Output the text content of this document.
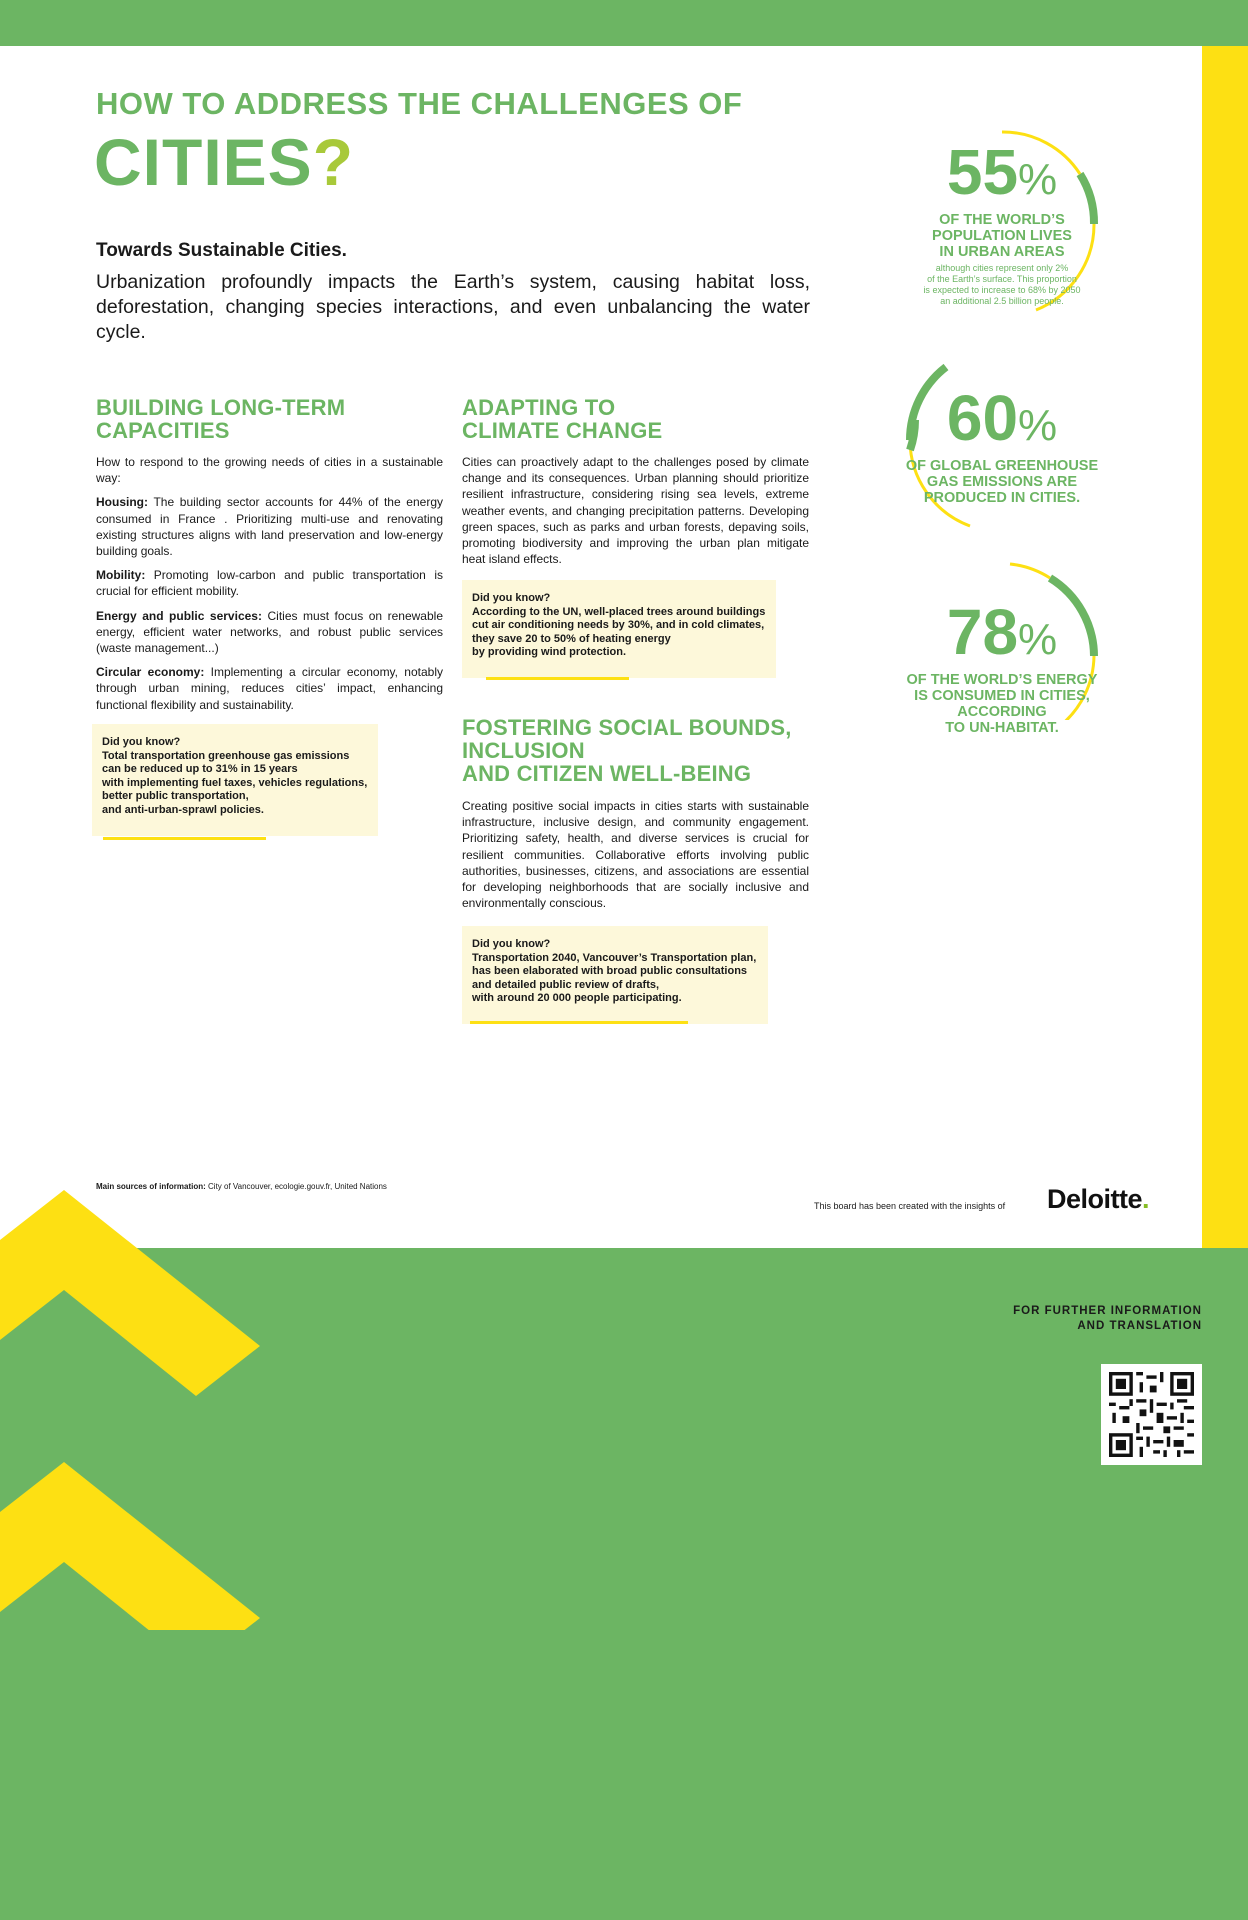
HOW TO ADDRESS THE CHALLENGES OF
CITIES?
Towards Sustainable Cities.
Urbanization profoundly impacts the Earth’s system, causing habitat loss, deforestation, changing species interactions, and even unbalancing the water cycle.
BUILDING LONG-TERM
CAPACITIES

How to respond to the growing needs of cities in a sustainable way:

Housing: The building sector accounts for 44% of the energy consumed in France . Prioritizing multi-use and renovating existing structures aligns with land preservation and low-energy building goals.

Mobility: Promoting low-carbon and public transportation is crucial for efficient mobility.

Energy and public services: Cities must focus on renewable energy, efficient water networks, and robust public services (waste management...)

Circular economy: Implementing a circular economy, notably through urban mining, reduces cities’ impact, enhancing functional flexibility and sustainability.

Did you know?
Total transportation greenhouse gas emissions
can be reduced up to 31% in 15 years
with implementing fuel taxes, vehicles regulations,
better public transportation,
and anti-urban-sprawl policies.
ADAPTING TO
CLIMATE CHANGE
Cities can proactively adapt to the challenges posed by climate change and its consequences. Urban planning should prioritize resilient infrastructure, considering rising sea levels, extreme weather events, and changing precipitation patterns. Developing green spaces, such as parks and urban forests, depaving soils, promoting biodiversity and improving the urban plan mitigate heat island effects.
Did you know?
According to the UN, well-placed trees around buildings
cut air conditioning needs by 30%, and in cold climates,
they save 20 to 50% of heating energy
by providing wind protection.
FOSTERING SOCIAL BOUNDS,
INCLUSION
AND CITIZEN WELL-BEING
Creating positive social impacts in cities starts with sustainable infrastructure, inclusive design, and community engagement. Prioritizing safety, health, and diverse services is crucial for resilient communities. Collaborative efforts involving public authorities, businesses, citizens, and associations are essential for developing neighborhoods that are socially inclusive and environmentally conscious.
Did you know?
Transportation 2040, Vancouver’s Transportation plan,
has been elaborated with broad public consultations
and detailed public review of drafts,
with around 20 000 people participating.
55%
OF THE WORLD’S
POPULATION LIVES
IN URBAN AREAS
although cities represent only 2%
of the Earth’s surface. This proportion
is expected to increase to 68% by 2050
an additional 2.5 billion people.
60%
OF GLOBAL GREENHOUSE
GAS EMISSIONS ARE
PRODUCED IN CITIES.
78%
OF THE WORLD’S ENERGY
IS CONSUMED IN CITIES,
ACCORDING
TO UN-HABITAT.
Main sources of information: City of Vancouver, ecologie.gouv.fr, United Nations
This board has been created with the insights of Deloitte.
FOR FURTHER INFORMATION
AND TRANSLATION
